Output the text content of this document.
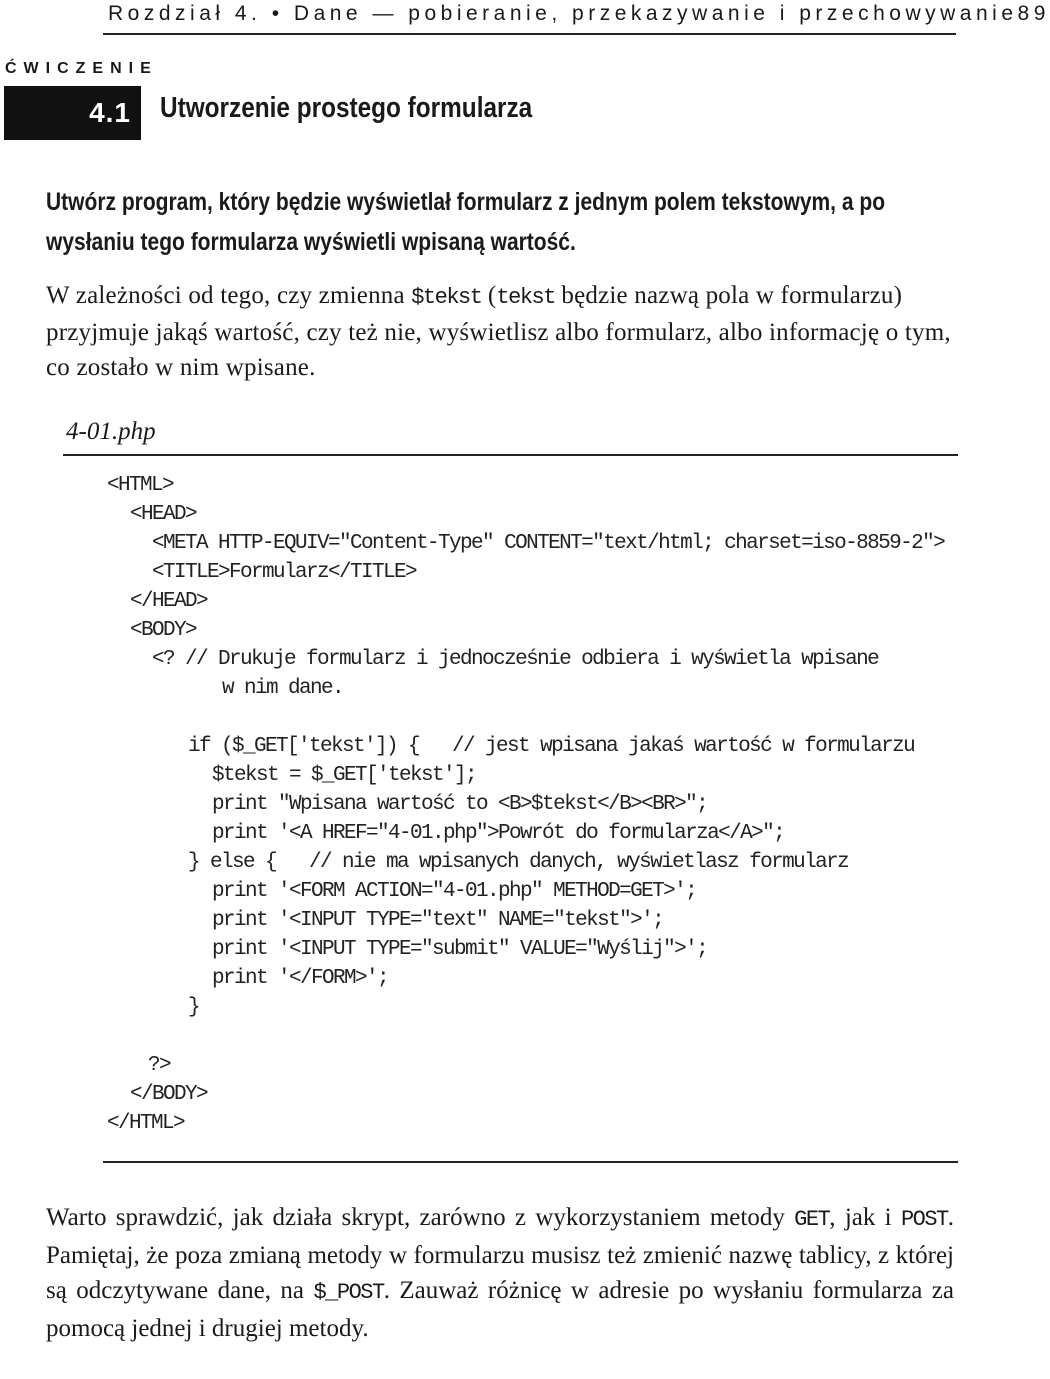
Rozdział 4. • Dane — pobieranie, przekazywanie i przechowywanie 89
ĆWICZENIE
4.1 Utworzenie prostego formularza
Utwórz program, który będzie wyświetlał formularz z jednym polem tekstowym, a po wysłaniu tego formularza wyświetli wpisaną wartość.
W zależności od tego, czy zmienna $tekst (tekst będzie nazwą pola w formularzu) przyjmuje jakąś wartość, czy też nie, wyświetlisz albo formularz, albo informację o tym, co zostało w nim wpisane.
4-01.php
<HTML>
<HEAD>
<META HTTP-EQUIV="Content-Type" CONTENT="text/html; charset=iso-8859-2">
<TITLE>Formularz</TITLE>
</HEAD>
<BODY>
<? // Drukuje formularz i jednocześnie odbiera i wyświetla wpisane
w nim dane.
if ($_GET['tekst']) {   // jest wpisana jakaś wartość w formularzu
$tekst = $_GET['tekst'];
print "Wpisana wartość to <B>$tekst</B><BR>";
print '<A HREF="4-01.php">Powrót do formularza</A>";
} else {   // nie ma wpisanych danych, wyświetlasz formularz
print '<FORM ACTION="4-01.php" METHOD=GET>';
print '<INPUT TYPE="text" NAME="tekst">';
print '<INPUT TYPE="submit" VALUE="Wyślij">';
print '</FORM>';
}
?>
</BODY>
</HTML>
Warto sprawdzić, jak działa skrypt, zarówno z wykorzystaniem metody GET, jak i POST. Pamiętaj, że poza zmianą metody w formularzu musisz też zmienić nazwę tablicy, z której są odczytywane dane, na $_POST. Zauważ różnicę w adresie po wysłaniu formularza za pomocą jednej i drugiej metody.
